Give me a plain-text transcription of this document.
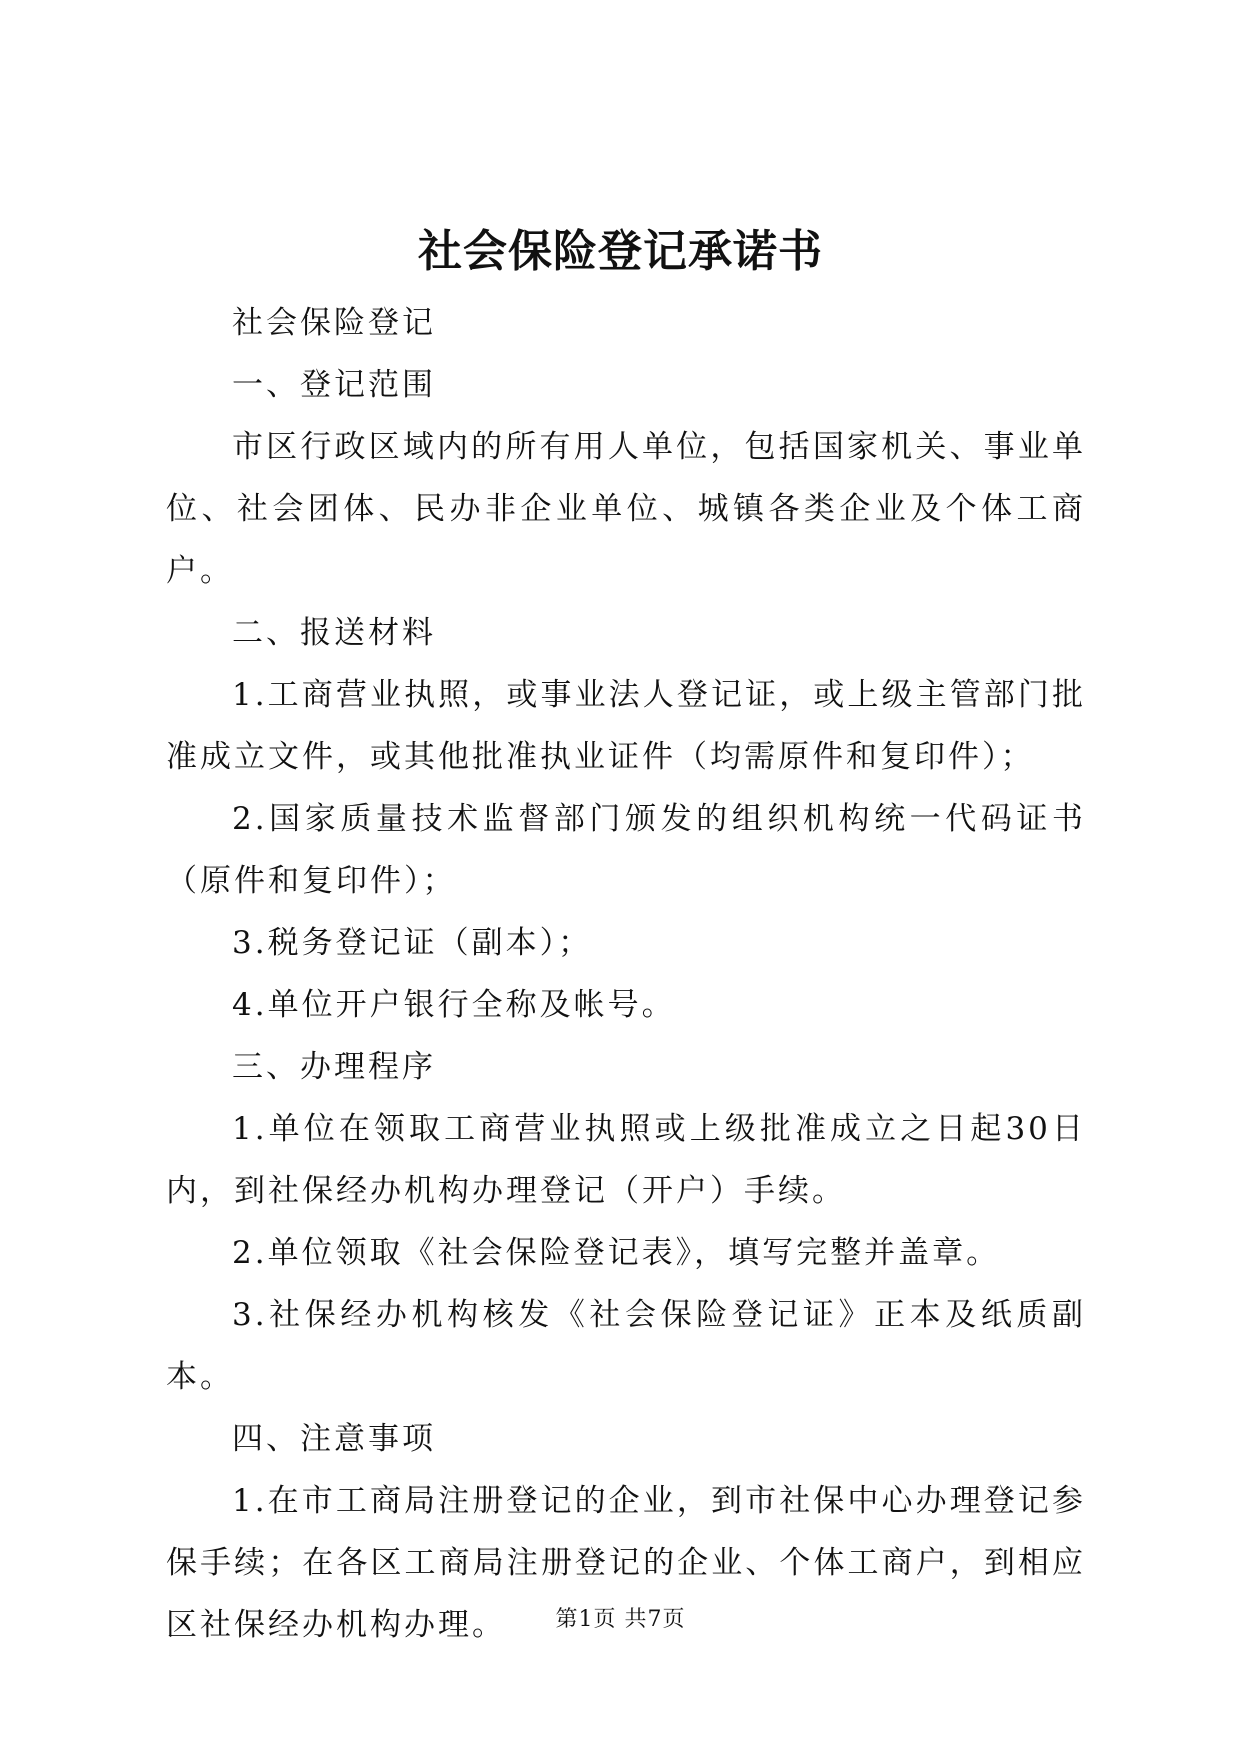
社会保险登记承诺书

社会保险登记

一、登记范围

市区行政区域内的所有用人单位，包括国家机关、事业单位、社会团体、民办非企业单位、城镇各类企业及个体工商户。

二、报送材料

1.工商营业执照，或事业法人登记证，或上级主管部门批准成立文件，或其他批准执业证件（均需原件和复印件）；

2.国家质量技术监督部门颁发的组织机构统一代码证书（原件和复印件）；

3.税务登记证（副本）；

4.单位开户银行全称及帐号。

三、办理程序

1.单位在领取工商营业执照或上级批准成立之日起30日内，到社保经办机构办理登记（开户）手续。

2.单位领取《社会保险登记表》，填写完整并盖章。

3.社保经办机构核发《社会保险登记证》正本及纸质副本。

四、注意事项

1.在市工商局注册登记的企业，到市社保中心办理登记参保手续；在各区工商局注册登记的企业、个体工商户，到相应区社保经办机构办理。	第1页 共7页
